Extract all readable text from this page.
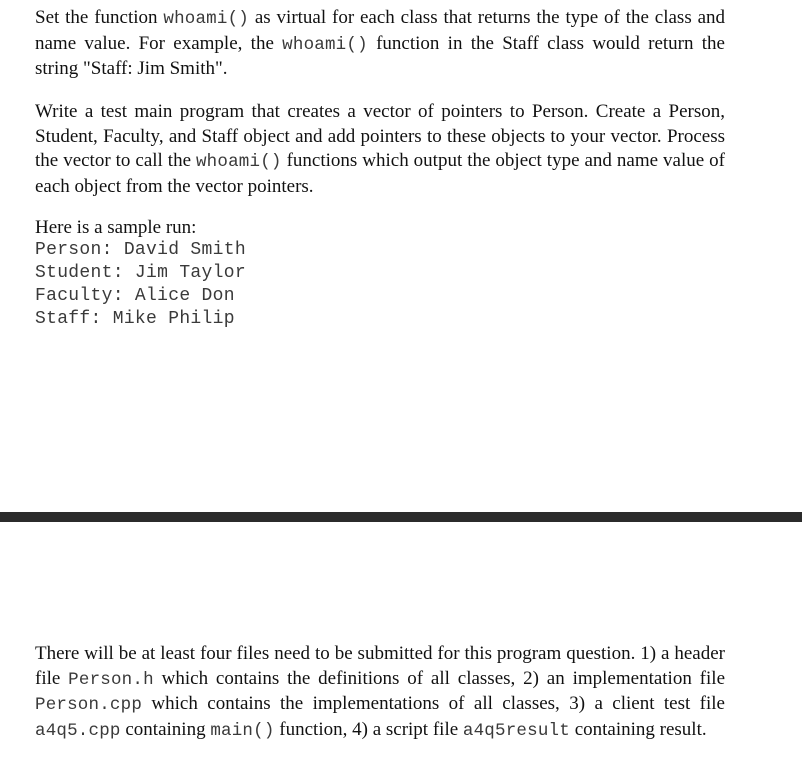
Set the function whoami() as virtual for each class that returns the type of the class and name value. For example, the whoami() function in the Staff class would return the string "Staff: Jim Smith".

Write a test main program that creates a vector of pointers to Person. Create a Person, Student, Faculty, and Staff object and add pointers to these objects to your vector. Process the vector to call the whoami() functions which output the object type and name value of each object from the vector pointers.

Here is a sample run:

Person: David Smith
Student: Jim Taylor
Faculty: Alice Don
Staff: Mike Philip

There will be at least four files need to be submitted for this program question. 1) a header file Person.h which contains the definitions of all classes, 2) an implementation file Person.cpp which contains the implementations of all classes, 3) a client test file a4q5.cpp containing main() function, 4) a script file a4q5result containing result.
